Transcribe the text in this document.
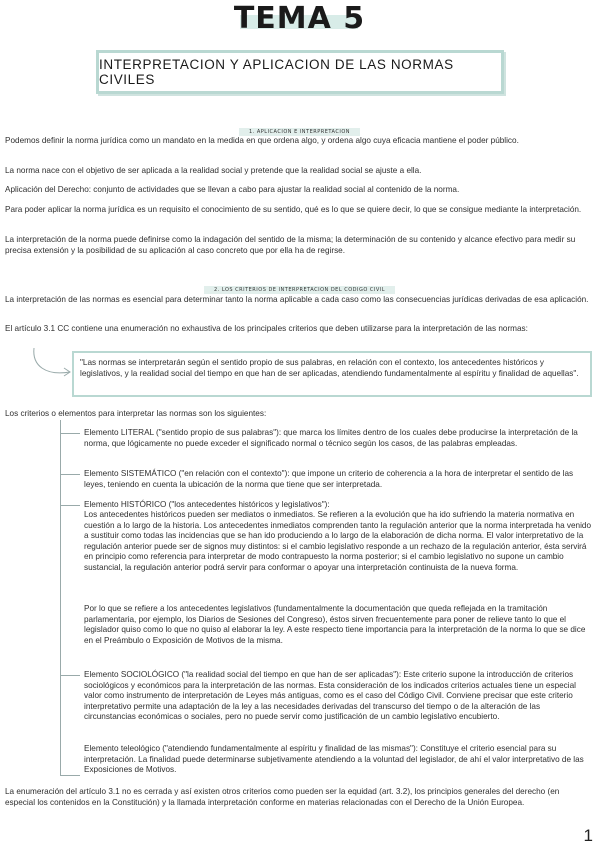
TEMA 5
INTERPRETACION Y APLICACION DE LAS NORMAS CIVILES
1. APLICACION E INTERPRETACION
Podemos definir la norma jurídica como un mandato en la medida en que ordena algo, y ordena algo cuya eficacia mantiene el poder público.
La norma nace con el objetivo de ser aplicada a la realidad social y pretende que la realidad social se ajuste a ella.
Aplicación del Derecho: conjunto de actividades que se llevan a cabo para ajustar la realidad social al contenido de la norma.
Para poder aplicar la norma jurídica es un requisito el conocimiento de su sentido, qué es lo que se quiere decir, lo que se consigue mediante la interpretación.
La interpretación de la norma puede definirse como la indagación del sentido de la misma; la determinación de su contenido y alcance efectivo para medir su precisa extensión y la posibilidad de su aplicación al caso concreto que por ella ha de regirse.
2. LOS CRITERIOS DE INTERPRETACION DEL CODIGO CIVIL
La interpretación de las normas es esencial para determinar tanto la norma aplicable a cada caso como las consecuencias jurídicas derivadas de esa aplicación.
El artículo 3.1 CC contiene una enumeración no exhaustiva de los principales criterios que deben utilizarse para la interpretación de las normas:
"Las normas se interpretarán según el sentido propio de sus palabras, en relación con el contexto, los antecedentes históricos y legislativos, y la realidad social del tiempo en que han de ser aplicadas, atendiendo fundamentalmente al espíritu y finalidad de aquellas".
Los criterios o elementos para interpretar las normas son los siguientes:
Elemento LITERAL ("sentido propio de sus palabras"): que marca los límites dentro de los cuales debe producirse la interpretación de la norma, que lógicamente no puede exceder el significado normal o técnico según los casos, de las palabras empleadas.
Elemento SISTEMÁTICO ("en relación con el contexto"): que impone un criterio de coherencia a la hora de interpretar el sentido de las leyes, teniendo en cuenta la ubicación de la norma que tiene que ser interpretada.
Elemento HISTÓRICO ("los antecedentes históricos y legislativos"):
Los antecedentes históricos pueden ser mediatos o inmediatos. Se refieren a la evolución que ha ido sufriendo la materia normativa en cuestión a lo largo de la historia. Los antecedentes inmediatos comprenden tanto la regulación anterior que la norma interpretada ha venido a sustituir como todas las incidencias que se han ido produciendo a lo largo de la elaboración de dicha norma. El valor interpretativo de la regulación anterior puede ser de signos muy distintos: si el cambio legislativo responde a un rechazo de la regulación anterior, ésta servirá en principio como referencia para interpretar de modo contrapuesto la norma posterior; si el cambio legislativo no supone un cambio sustancial, la regulación anterior podrá servir para conformar o apoyar una interpretación continuista de la nueva forma.
Por lo que se refiere a los antecedentes legislativos (fundamentalmente la documentación que queda reflejada en la tramitación parlamentaria, por ejemplo, los Diarios de Sesiones del Congreso), éstos sirven frecuentemente para poner de relieve tanto lo que el legislador quiso como lo que no quiso al elaborar la ley. A este respecto tiene importancia para la interpretación de la norma lo que se dice en el Preámbulo o Exposición de Motivos de la misma.
Elemento SOCIOLÓGICO ("la realidad social del tiempo en que han de ser aplicadas"): Este criterio supone la introducción de criterios sociológicos y económicos para la interpretación de las normas. Esta consideración de los indicados criterios actuales tiene un especial valor como instrumento de interpretación de Leyes más antiguas, como es el caso del Código Civil. Conviene precisar que este criterio interpretativo permite una adaptación de la ley a las necesidades derivadas del transcurso del tiempo o de la alteración de las circunstancias económicas o sociales, pero no puede servir como justificación de un cambio legislativo encubierto.
Elemento teleológico ("atendiendo fundamentalmente al espíritu y finalidad de las mismas"): Constituye el criterio esencial para su interpretación. La finalidad puede determinarse subjetivamente atendiendo a la voluntad del legislador, de ahí el valor interpretativo de las Exposiciones de Motivos.
La enumeración del artículo 3.1 no es cerrada y así existen otros criterios como pueden ser la equidad (art. 3.2), los principios generales del derecho (en especial los contenidos en la Constitución) y la llamada interpretación conforme en materias relacionadas con el Derecho de la Unión Europea.
1
